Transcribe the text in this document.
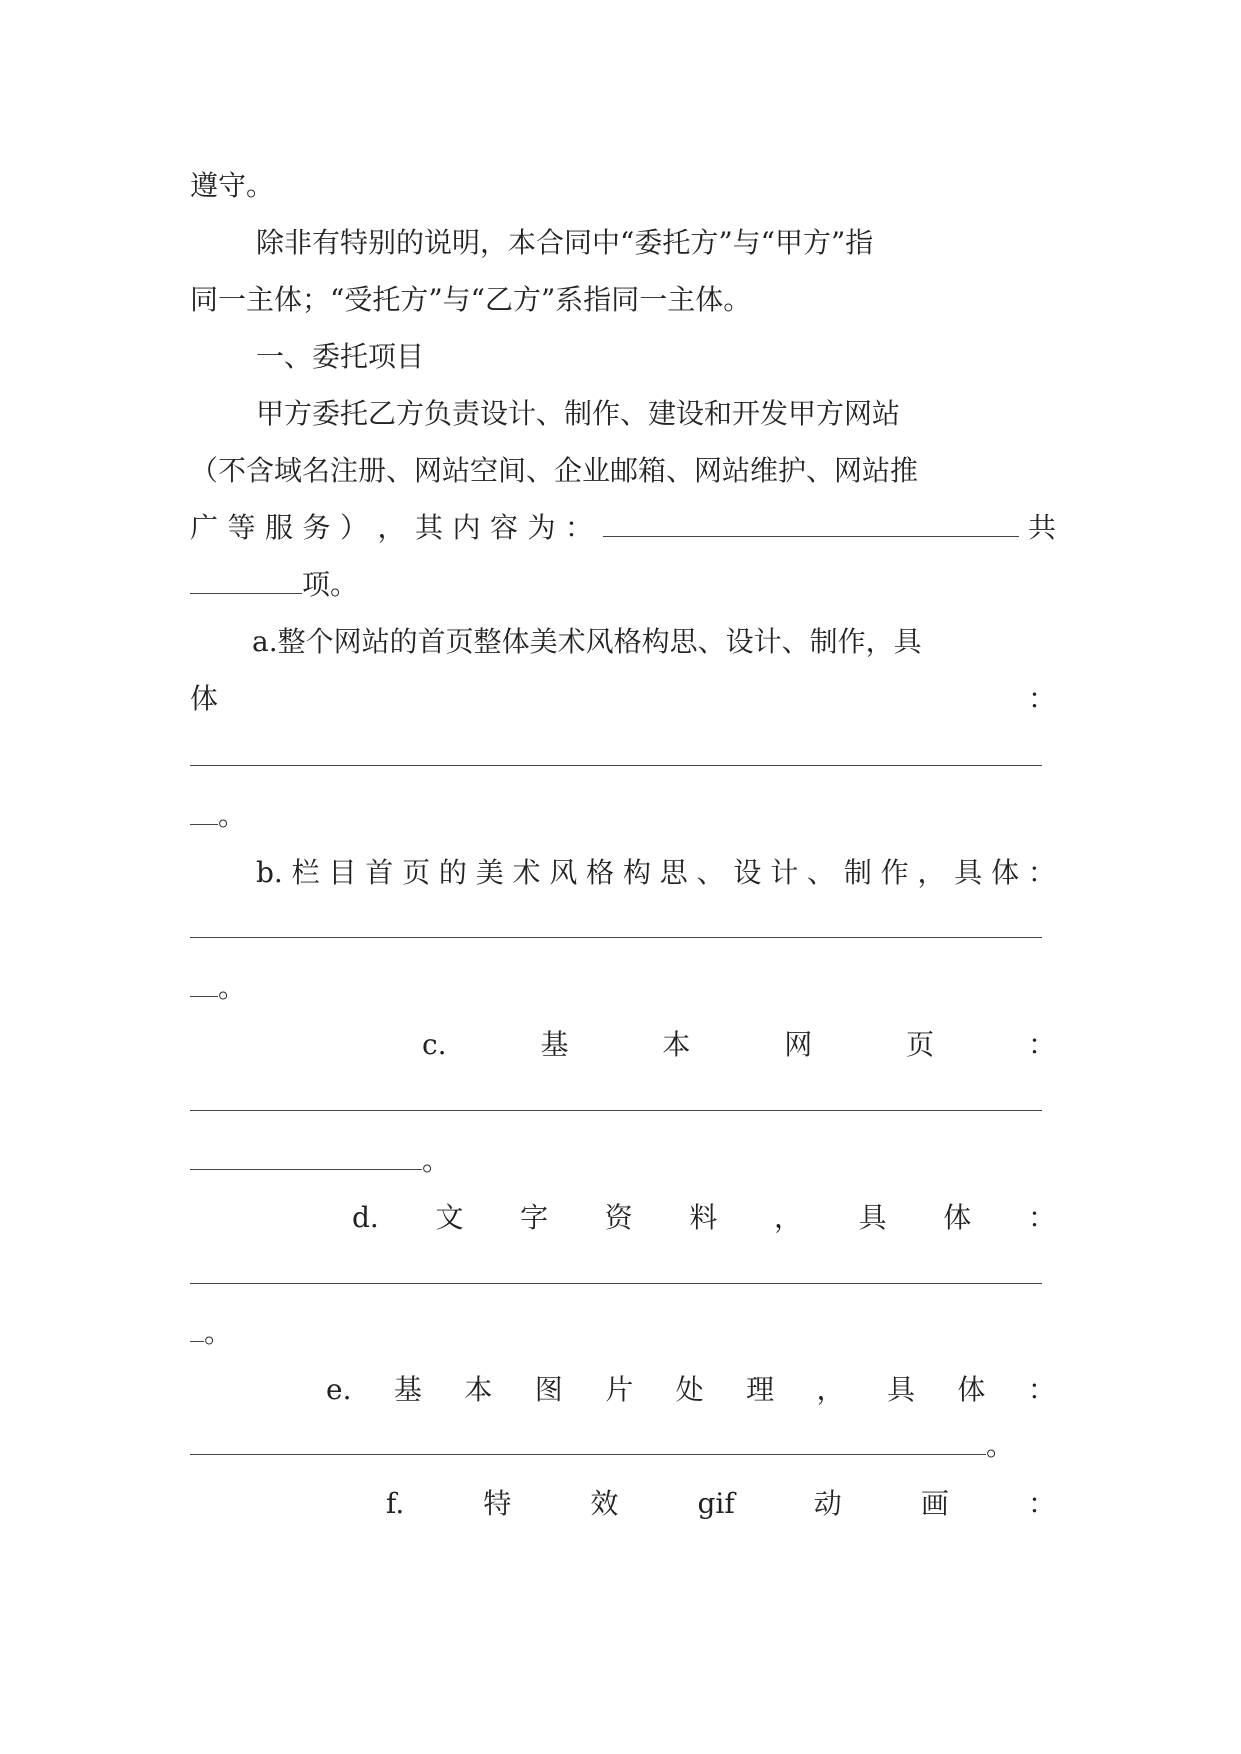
遵守。
除非有特别的说明，本合同中“委托方”与“甲方”指
同一主体；“受托方”与“乙方”系指同一主体。
一、委托项目
甲方委托乙方负责设计、制作、建设和开发甲方网站
（不含域名注册、网站空间、企业邮箱、网站维护、网站推
广 等 服 务 ） ， 其 内 容 为 ：	共
项。
a.整个网站的首页整体美术风格构思、设计、制作，具
体	：
。
b. 栏 目 首 页 的 美 术 风 格 构 思 、 设 计 、 制 作 ， 具 体 ：
。
c.	基	本	网	页	：
。
d. 文 字 资 料 ， 具 体 ：
。
e. 基 本 图 片 处 理 ， 具 体 ：
。
f.	特	效	gif	动	画	：
